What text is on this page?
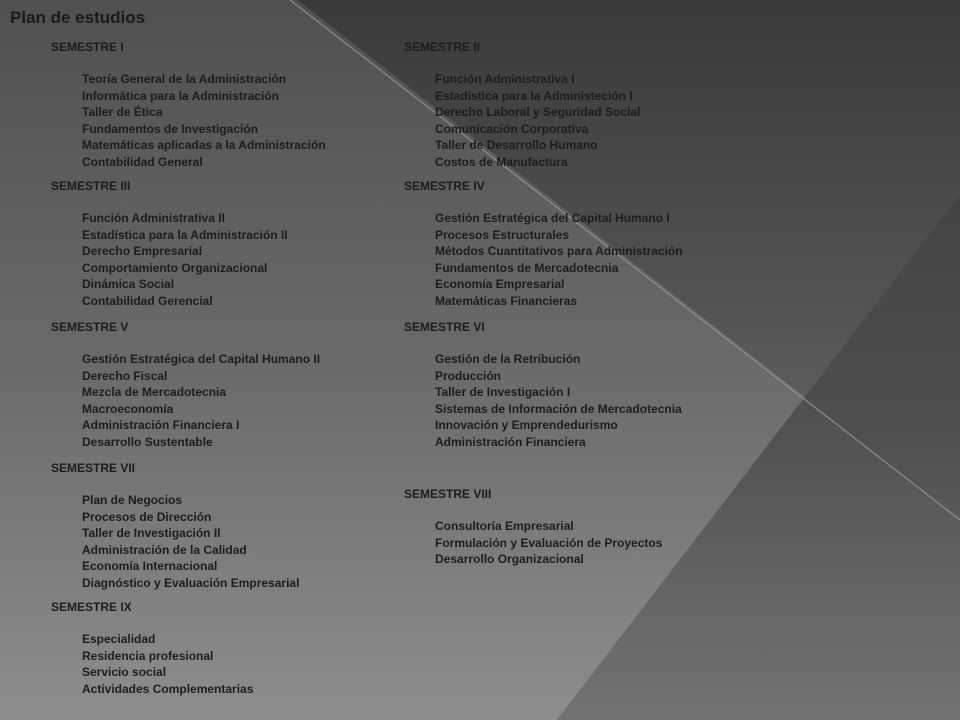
Plan de estudios
SEMESTRE I
Teoría General de la Administración
Informática para la Administración
Taller de Ética
Fundamentos de Investigación
Matemáticas aplicadas a la Administración
Contabilidad General
SEMESTRE II
Función Administrativa I
Estadística para la Administeción I
Derecho Laboral y Seguridad Social
Comunicación Corporativa
Taller de Desarrollo Humano
Costos de Manufactura
SEMESTRE III
Función Administrativa II
Estadística para la Administración II
Derecho Empresarial
Comportamiento Organizacional
Dinámica Social
Contabilidad Gerencial
SEMESTRE IV
Gestión Estratégica del Capital Humano I
Procesos Estructurales
Métodos Cuantitativos para Administración
Fundamentos de Mercadotecnia
Economía Empresarial
Matemáticas Financieras
SEMESTRE V
Gestión Estratégica del Capital Humano II
Derecho Fiscal
Mezcla de Mercadotecnia
Macroeconomía
Administración Financiera I
Desarrollo Sustentable
SEMESTRE VI
Gestión de la Retribución
Producción
Taller de Investigación I
Sistemas de Información de Mercadotecnia
Innovación y Emprendedurismo
Administración Financiera
SEMESTRE VII
Plan de Negocios
Procesos de Dirección
Taller de Investigación II
Administración de la Calidad
Economía Internacional
Diagnóstico y Evaluación Empresarial
SEMESTRE VIII
Consultoría Empresarial
Formulación y Evaluación de Proyectos
Desarrollo Organizacional
SEMESTRE IX
Especialidad
Residencia profesional
Servicio social
Actividades Complementarias
